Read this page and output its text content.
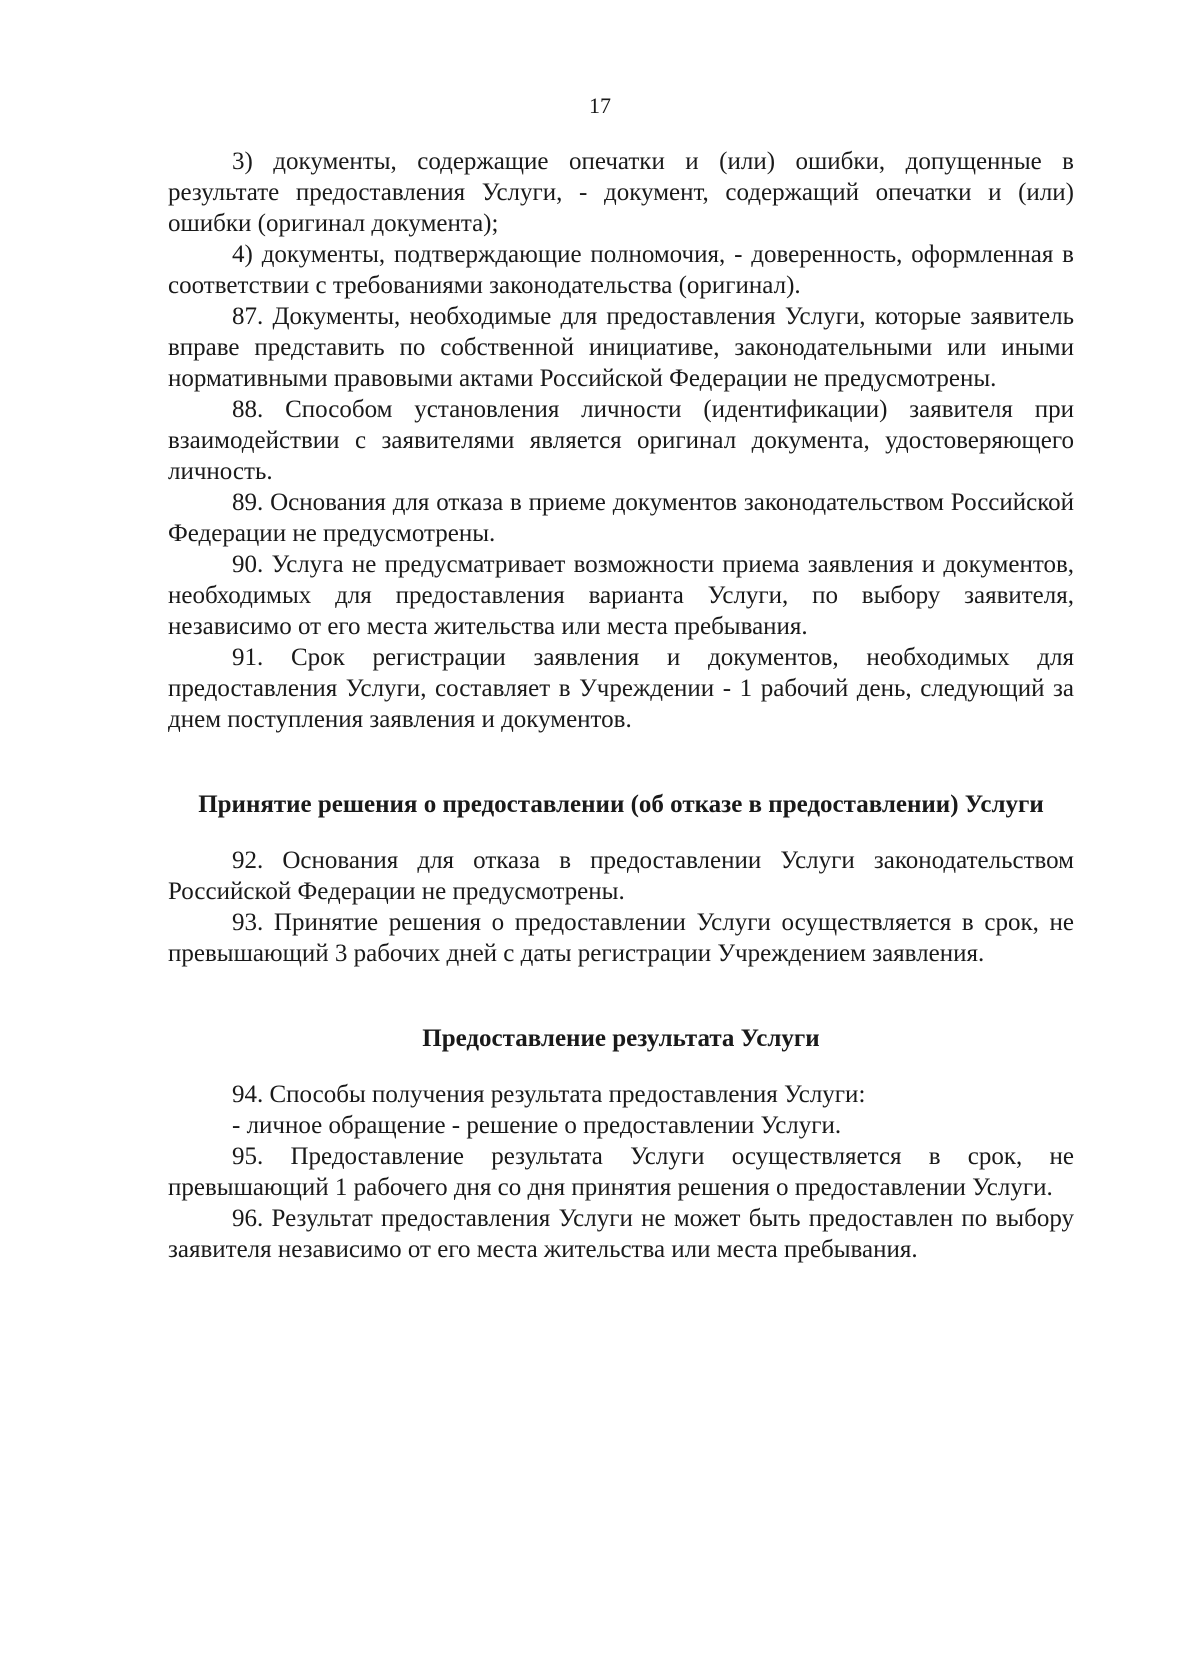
17

3) документы, содержащие опечатки и (или) ошибки, допущенные в результате предоставления Услуги, - документ, содержащий опечатки и (или) ошибки (оригинал документа);

4) документы, подтверждающие полномочия, - доверенность, оформленная в соответствии с требованиями законодательства (оригинал).

87. Документы, необходимые для предоставления Услуги, которые заявитель вправе представить по собственной инициативе, законодательными или иными нормативными правовыми актами Российской Федерации не предусмотрены.

88. Способом установления личности (идентификации) заявителя при взаимодействии с заявителями является оригинал документа, удостоверяющего личность.

89. Основания для отказа в приеме документов законодательством Российской Федерации не предусмотрены.

90. Услуга не предусматривает возможности приема заявления и документов, необходимых для предоставления варианта Услуги, по выбору заявителя, независимо от его места жительства или места пребывания.

91. Срок регистрации заявления и документов, необходимых для предоставления Услуги, составляет в Учреждении - 1 рабочий день, следующий за днем поступления заявления и документов.

Принятие решения о предоставлении (об отказе в предоставлении) Услуги

92. Основания для отказа в предоставлении Услуги законодательством Российской Федерации не предусмотрены.

93. Принятие решения о предоставлении Услуги осуществляется в срок, не превышающий 3 рабочих дней с даты регистрации Учреждением заявления.

Предоставление результата Услуги

94. Способы получения результата предоставления Услуги:

- личное обращение - решение о предоставлении Услуги.

95. Предоставление результата Услуги осуществляется в срок, не превышающий 1 рабочего дня со дня принятия решения о предоставлении Услуги.

96. Результат предоставления Услуги не может быть предоставлен по выбору заявителя независимо от его места жительства или места пребывания.
